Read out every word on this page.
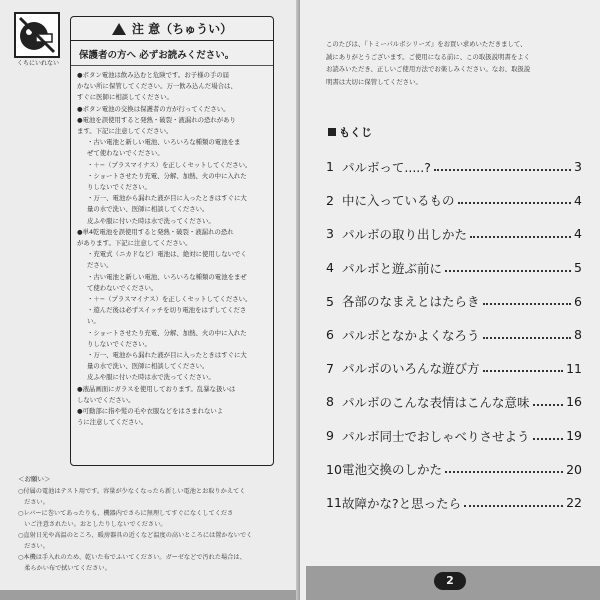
くちにいれない
注 意（ちゅうい）
保護者の方へ 必ずお読みください。
●ボタン電池は飲み込むと危険です。お子様の手の届
かない所に保管してください。万一飲み込んだ場合は、
すぐに医師に相談してください。
●ボタン電池の交換は保護者の方が行ってください。
●電池を誤使用すると発熱・破裂・液漏れの恐れがあり
ます。下記に注意してください。
・古い電池と新しい電池、いろいろな種類の電池をま
ぜて使わないでください。
・＋−（プラスマイナス）を正しくセットしてください。
・ショートさせたり充電、分解、加熱、火の中に入れた
りしないでください。
・万一、電池から漏れた液が目に入ったときはすぐに大
量の水で洗い、医師に相談してください。
皮ふや服に付いた時は水で洗ってください。
●単4乾電池を誤使用すると発熱・破裂・液漏れの恐れ
があります。下記に注意してください。
・充電式（ニカドなど）電池は、絶対に使用しないでく
ださい。
・古い電池と新しい電池、いろいろな種類の電池をまぜ
て使わないでください。
・＋−（プラスマイナス）を正しくセットしてください。
・遊んだ後は必ずスイッチを切り電池をはずしてくださ
い。
・ショートさせたり充電、分解、加熱、火の中に入れた
りしないでください。
・万一、電池から漏れた液が目に入ったときはすぐに大
量の水で洗い、医師に相談してください。
皮ふや服に付いた時は水で洗ってください。
●液晶画面にガラスを使用しております。乱暴な扱いは
しないでください。
●可動部に指や髪の毛や衣服などをはさまれないよ
うに注意してください。
＜お願い＞
○付属の電池はテスト用です。容量が少なくなったら新しい電池とお取りかえてく
　ださい。
○レバーに巻いてあったりも、機器内でさらに無理してすぐになくしてくださ
　いご注意されたい。おとしたりしないでください。
○直射日光や高温のところ、暖房器具の近くなど温度の高いところには置かないでく
　ださい。
○本機は手入れのため、乾いた布でふいてください。ガーゼなどで汚れた場合は、
　柔らかい布で拭いてください。

このたびは、『トミーパルボシリーズ』をお買い求めいただきまして、

誠にありがとうございます。ご使用になる前に、この取扱説明書をよく

お読みいただき、正しいご使用方法でお楽しみください。なお、取扱説

明書は大切に保管してください。

もくじ
1 パルボって.....?	3
2 中に入っているもの	4
3 パルボの取り出しかた	4
4 パルボと遊ぶ前に	5
5 各部のなまえとはたらき	6
6 パルボとなかよくなろう	8
7 パルボのいろんな遊び方	11
8 パルボのこんな表情はこんな意味	16
9 パルボ同士でおしゃべりさせよう	19
10 電池交換のしかた	20
11 故障かな?と思ったら	22
2
